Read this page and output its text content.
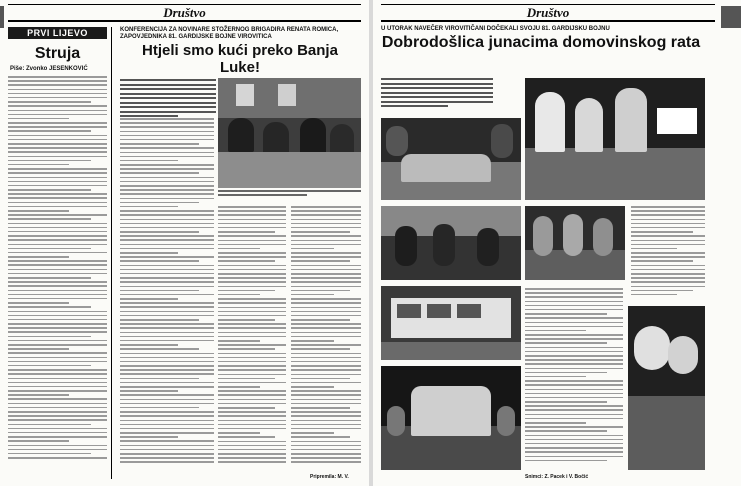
Društvo
PRVI LIJEVO
Struja
Piše: Zvonko JESENKOVIĆ
KONFERENCIJA ZA NOVINARE STOŽERNOG BRIGADIRA RENATA ROMICA, ZAPOVJEDNIKA 81. GARDIJSKE BOJNE VIROVITICA
Htjeli smo kući preko Banja Luke!
Pripremila: M. V.
Društvo
U UTORAK NAVEČER VIROVITIČANI DOČEKALI SVOJU 81. GARDIJSKU BOJNU
Dobrodošlica junacima domovinskog rata
Snimci: Z. Pacek i V. Bočić
